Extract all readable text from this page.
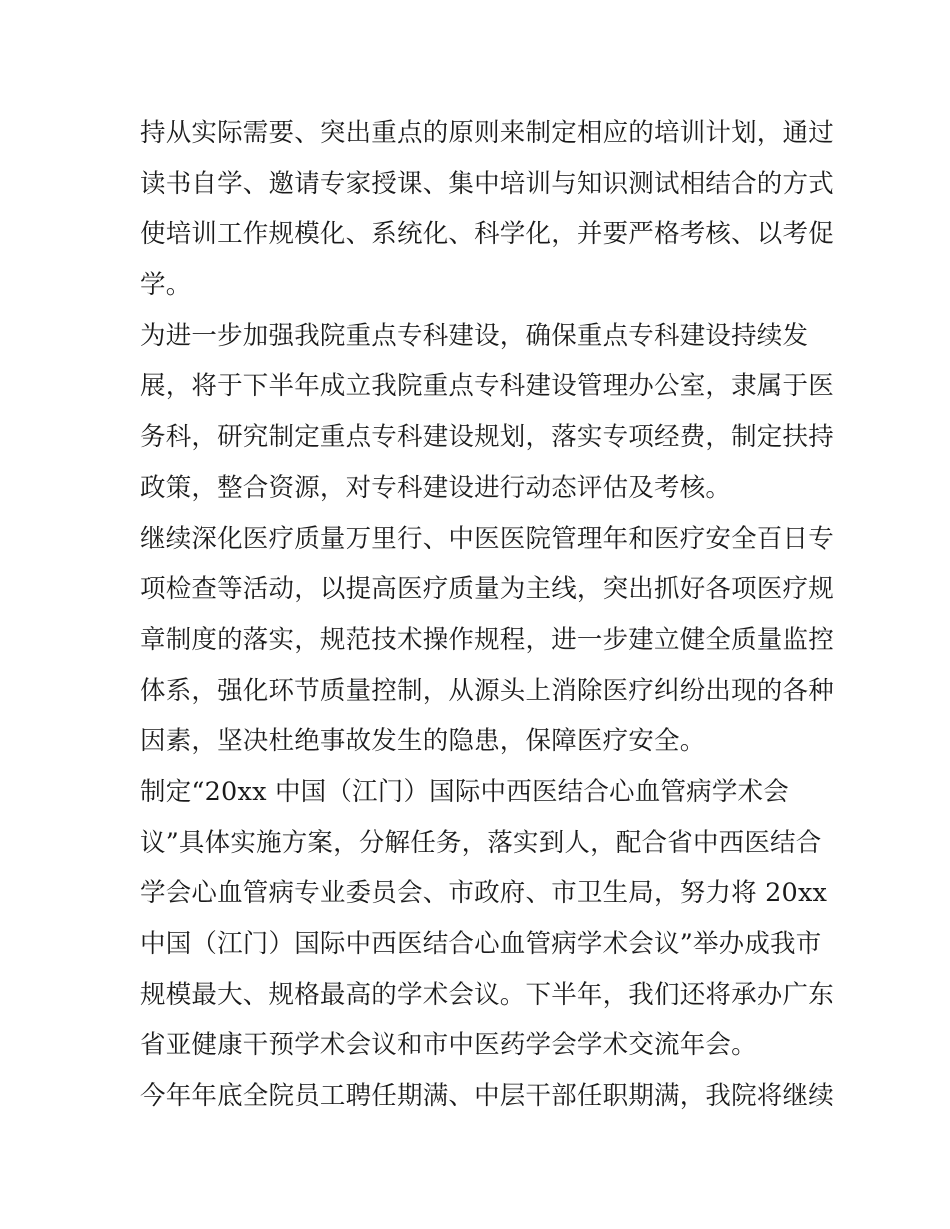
持从实际需要、突出重点的原则来制定相应的培训计划，通过
读书自学、邀请专家授课、集中培训与知识测试相结合的方式
使培训工作规模化、系统化、科学化，并要严格考核、以考促
学。
为进一步加强我院重点专科建设，确保重点专科建设持续发
展，将于下半年成立我院重点专科建设管理办公室，隶属于医
务科，研究制定重点专科建设规划，落实专项经费，制定扶持
政策，整合资源，对专科建设进行动态评估及考核。
继续深化医疗质量万里行、中医医院管理年和医疗安全百日专
项检查等活动，以提高医疗质量为主线，突出抓好各项医疗规
章制度的落实，规范技术操作规程，进一步建立健全质量监控
体系，强化环节质量控制，从源头上消除医疗纠纷出现的各种
因素，坚决杜绝事故发生的隐患，保障医疗安全。
制定“20xx 中国（江门）国际中西医结合心血管病学术会
议”具体实施方案，分解任务，落实到人，配合省中西医结合
学会心血管病专业委员会、市政府、市卫生局，努力将 20xx
中国（江门）国际中西医结合心血管病学术会议”举办成我市
规模最大、规格最高的学术会议。下半年，我们还将承办广东
省亚健康干预学术会议和市中医药学会学术交流年会。
今年年底全院员工聘任期满、中层干部任职期满，我院将继续
